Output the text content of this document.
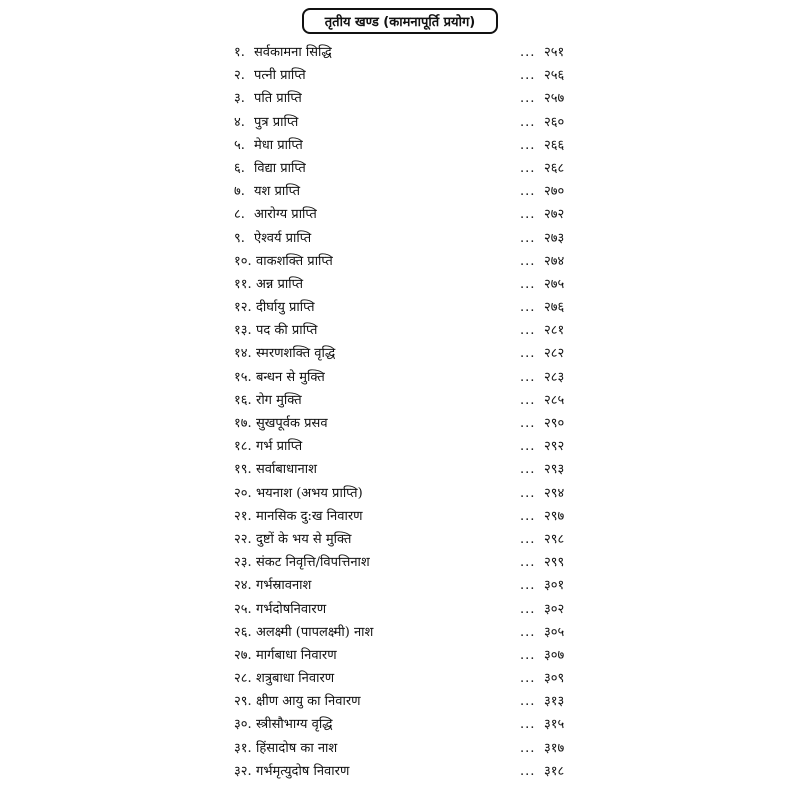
तृतीय खण्ड (कामनापूर्ति प्रयोग)
१. सर्वकामना सिद्धि	... २५१
२. पत्नी प्राप्ति	... २५६
३. पति प्राप्ति	... २५७
४. पुत्र प्राप्ति	... २६०
५. मेधा प्राप्ति	... २६६
६. विद्या प्राप्ति	... २६८
७. यश प्राप्ति	... २७०
८. आरोग्य प्राप्ति	... २७२
९. ऐश्वर्य प्राप्ति	... २७३
१०. वाकशक्ति प्राप्ति	... २७४
११. अन्न प्राप्ति	... २७५
१२. दीर्घायु प्राप्ति	... २७६
१३. पद की प्राप्ति	... २८१
१४. स्मरणशक्ति वृद्धि	... २८२
१५. बन्धन से मुक्ति	... २८३
१६. रोग मुक्ति	... २८५
१७. सुखपूर्वक प्रसव	... २९०
१८. गर्भ प्राप्ति	... २९२
१९. सर्वाबाधानाश	... २९३
२०. भयनाश (अभय प्राप्ति)	... २९४
२१. मानसिक दु:ख निवारण	... २९७
२२. दुष्टों के भय से मुक्ति	... २९८
२३. संकट निवृत्ति/विपत्तिनाश	... २९९
२४. गर्भस्रावनाश	... ३०१
२५. गर्भदोषनिवारण	... ३०२
२६. अलक्ष्मी (पापलक्ष्मी) नाश	... ३०५
२७. मार्गबाधा निवारण	... ३०७
२८. शत्रुबाधा निवारण	... ३०९
२९. क्षीण आयु का निवारण	... ३१३
३०. स्त्रीसौभाग्य वृद्धि	... ३१५
३१. हिंसादोष का नाश	... ३१७
३२. गर्भमृत्युदोष निवारण	... ३१८
